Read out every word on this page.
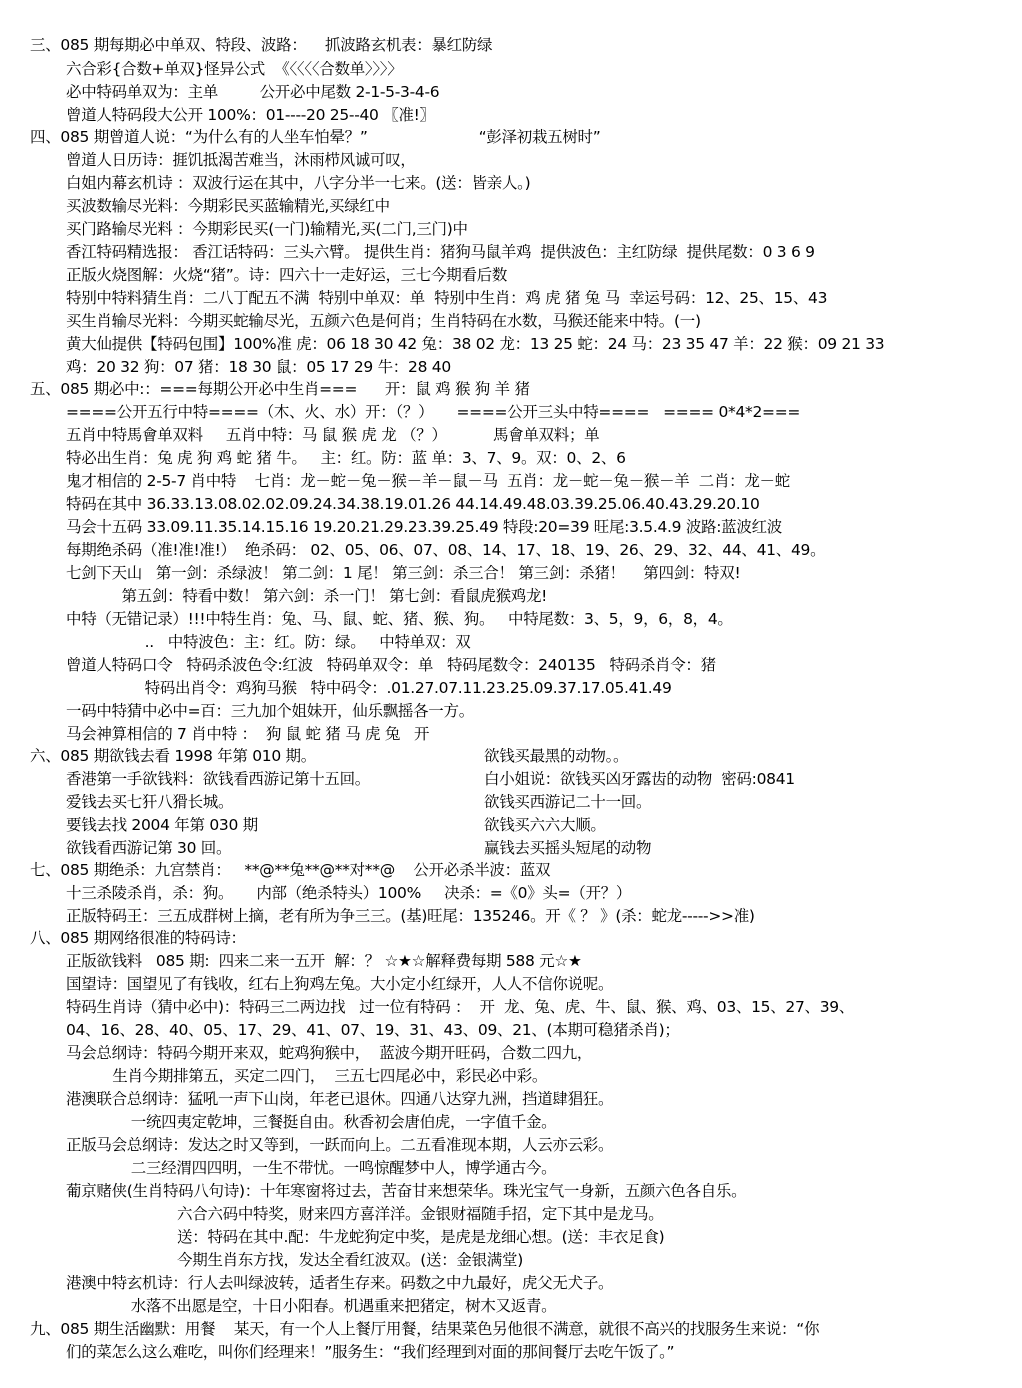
三、085 期每期必中单双、特段、波路：    抓波路玄机表：暴红防绿
六合彩{合数+单双}怪异公式  《〈〈〈〈合数单〉〉〉〉
必中特码单双为：主单         公开必中尾数 2-1-5-3-4-6
曾道人特码段大公开 100%：01----20 25--40 〖准!〗
四、085 期曾道人说：“为什么有的人坐车怕晕？”                        “彭泽初栽五树时”
曾道人日历诗：捱饥抵渴苦难当，沐雨栉风诚可叹，
白姐内幕玄机诗 ：双波行运在其中，八字分半一七来。(送：皆亲人。)
买波数输尽光料：今期彩民买蓝输精光,买绿红中
买门路输尽光料 ：今期彩民买(一门)输精光,买(二门,三门)中
香江特码精选报： 香江话特码：三头六臂。 提供生肖：猪狗马鼠羊鸡  提供波色：主红防绿  提供尾数：0 3 6 9
正版火烧图解：火烧“猪”。诗：四六十一走好运，三七今期看后数
特别中特料猜生肖：二八丁配五不满  特别中单双：单  特别中生肖：鸡 虎 猪 兔 马  幸运号码：12、25、15、43
买生肖输尽光料：今期买蛇输尽光，五颜六色是何肖；生肖特码在水数，马猴还能来中特。(一)
黄大仙提供【特码包围】100%准 虎：06 18 30 42 兔：38 02 龙：13 25 蛇：24 马：23 35 47 羊：22 猴：09 21 33
鸡：20 32 狗：07 猪：18 30 鼠：05 17 29 牛：28 40
五、085 期必中:：===每期公开必中生肖===      开：鼠 鸡 猴 狗 羊 猪
====公开五行中特====（木、火、水）开：（？）     ====公开三头中特====   ==== 0*4*2===
五肖中特馬會单双料     五肖中特：马 鼠 猴 虎 龙 （？）          馬會单双料；单
特必出生肖：兔 虎 狗 鸡 蛇 猪 牛。   主：红。防：蓝 单：3、7、9。双：0、2、6
鬼才相信的 2-5-7 肖中特    七肖：龙－蛇－兔－猴－羊－鼠－马  五肖：龙－蛇－兔－猴－羊  二肖：龙－蛇
特码在其中 36.33.13.08.02.02.09.24.34.38.19.01.26 44.14.49.48.03.39.25.06.40.43.29.20.10
马会十五码 33.09.11.35.14.15.16 19.20.21.29.23.39.25.49 特段:20=39 旺尾:3.5.4.9 波路:蓝波红波
每期绝杀码（准!准!准!）  绝杀码： 02、05、06、07、08、14、17、18、19、26、29、32、44、41、49。
七剑下天山   第一剑：杀绿波！ 第二剑：1 尾！ 第三剑：杀三合！ 第三剑：杀猪！    第四剑：特双!
第五剑：特看中数！ 第六剑：杀一门！ 第七剑：看鼠虎猴鸡龙!
中特（无错记录）!!!中特生肖：兔、马、鼠、蛇、猪、猴、狗。   中特尾数：3、5，9，6，8，4。
..   中特波色：主：红。防：绿。   中特单双：双
曾道人特码口令   特码杀波色令:红波   特码单双令：单   特码尾数令：240135   特码杀肖令：猪
特码出肖令：鸡狗马猴   特中码令：.01.27.07.11.23.25.09.37.17.05.41.49
一码中特猜中必中=百：三九加个姐妹开，仙乐飘摇各一方。
马会神算相信的 7 肖中特 ：  狗 鼠 蛇 猪 马 虎 兔   开
六、085 期欲钱去看 1998 年第 010 期。	欲钱买最黑的动物。。
香港第一手欲钱料：欲钱看西游记第十五回。	白小姐说：欲钱买凶牙露齿的动物  密码:0841
爱钱去买七犴八猾长城。	欲钱买西游记二十一回。
要钱去找 2004 年第 030 期	欲钱买六六大顺。
欲钱看西游记第 30 回。	赢钱去买摇头短尾的动物
七、085 期绝杀：九宫禁肖：   **@**兔**@**对**@    公开必杀半波：蓝双
十三杀陵杀肖，杀：狗。     内部（绝杀特头）100%     决杀：=《0》头=（开？）
正版特码王：三五成群树上摘，老有所为争三三。(基)旺尾：135246。开《 ？ 》(杀：蛇龙----->>准)
八、085 期网络很准的特码诗：
正版欲钱料   085 期:  四来二来一五开  解：？ ☆★☆解释费每期 588 元☆★
国望诗：国望见了有钱收，红右上狗鸡左兔。大小定小红绿开，人人不信你说呢。
特码生肖诗（猜中必中)：特码三二两边找   过一位有特码 ：  开  龙、兔、虎、牛、鼠、猴、鸡、03、15、27、39、
04、16、28、40、05、17、29、41、07、19、31、43、09、21、(本期可稳猪杀肖)；
马会总纲诗：特码今期开来双，蛇鸡狗猴中，  蓝波今期开旺码，合数二四九，
生肖今期排第五，买定二四门，  三五七四尾必中，彩民必中彩。
港澳联合总纲诗：猛吼一声下山岗，年老已退休。四通八达穿九洲，挡道肆猖狂。
一统四夷定乾坤，三餐挺自由。秋香初会唐伯虎，一字值千金。
正版马会总纲诗：发达之时又等到，一跃而向上。二五看准现本期，人云亦云彩。
二三经渭四四明，一生不带忧。一鸣惊醒梦中人，博学通古今。
葡京赌侠(生肖特码八句诗)：十年寒窗将过去，苦奋甘来想荣华。珠光宝气一身新，五颜六色各自乐。
六合六码中特奖，财来四方喜洋洋。金银财福随手招，定下其中是龙马。
送：特码在其中.配：牛龙蛇狗定中奖，是虎是龙细心想。(送：丰衣足食)
今期生肖东方找，发达全看红波双。(送：金银满堂)
港澳中特玄机诗：行人去叫绿波转，适者生存来。码数之中九最好，虎父无犬子。
水落不出愿是空，十日小阳春。机遇重来把猪定，树木又返青。
九、085 期生活幽默：用餐    某天，有一个人上餐厅用餐，结果菜色另他很不满意，就很不高兴的找服务生来说：“你
们的菜怎么这么难吃，叫你们经理来！”服务生：“我们经理到对面的那间餐厅去吃午饭了。”
